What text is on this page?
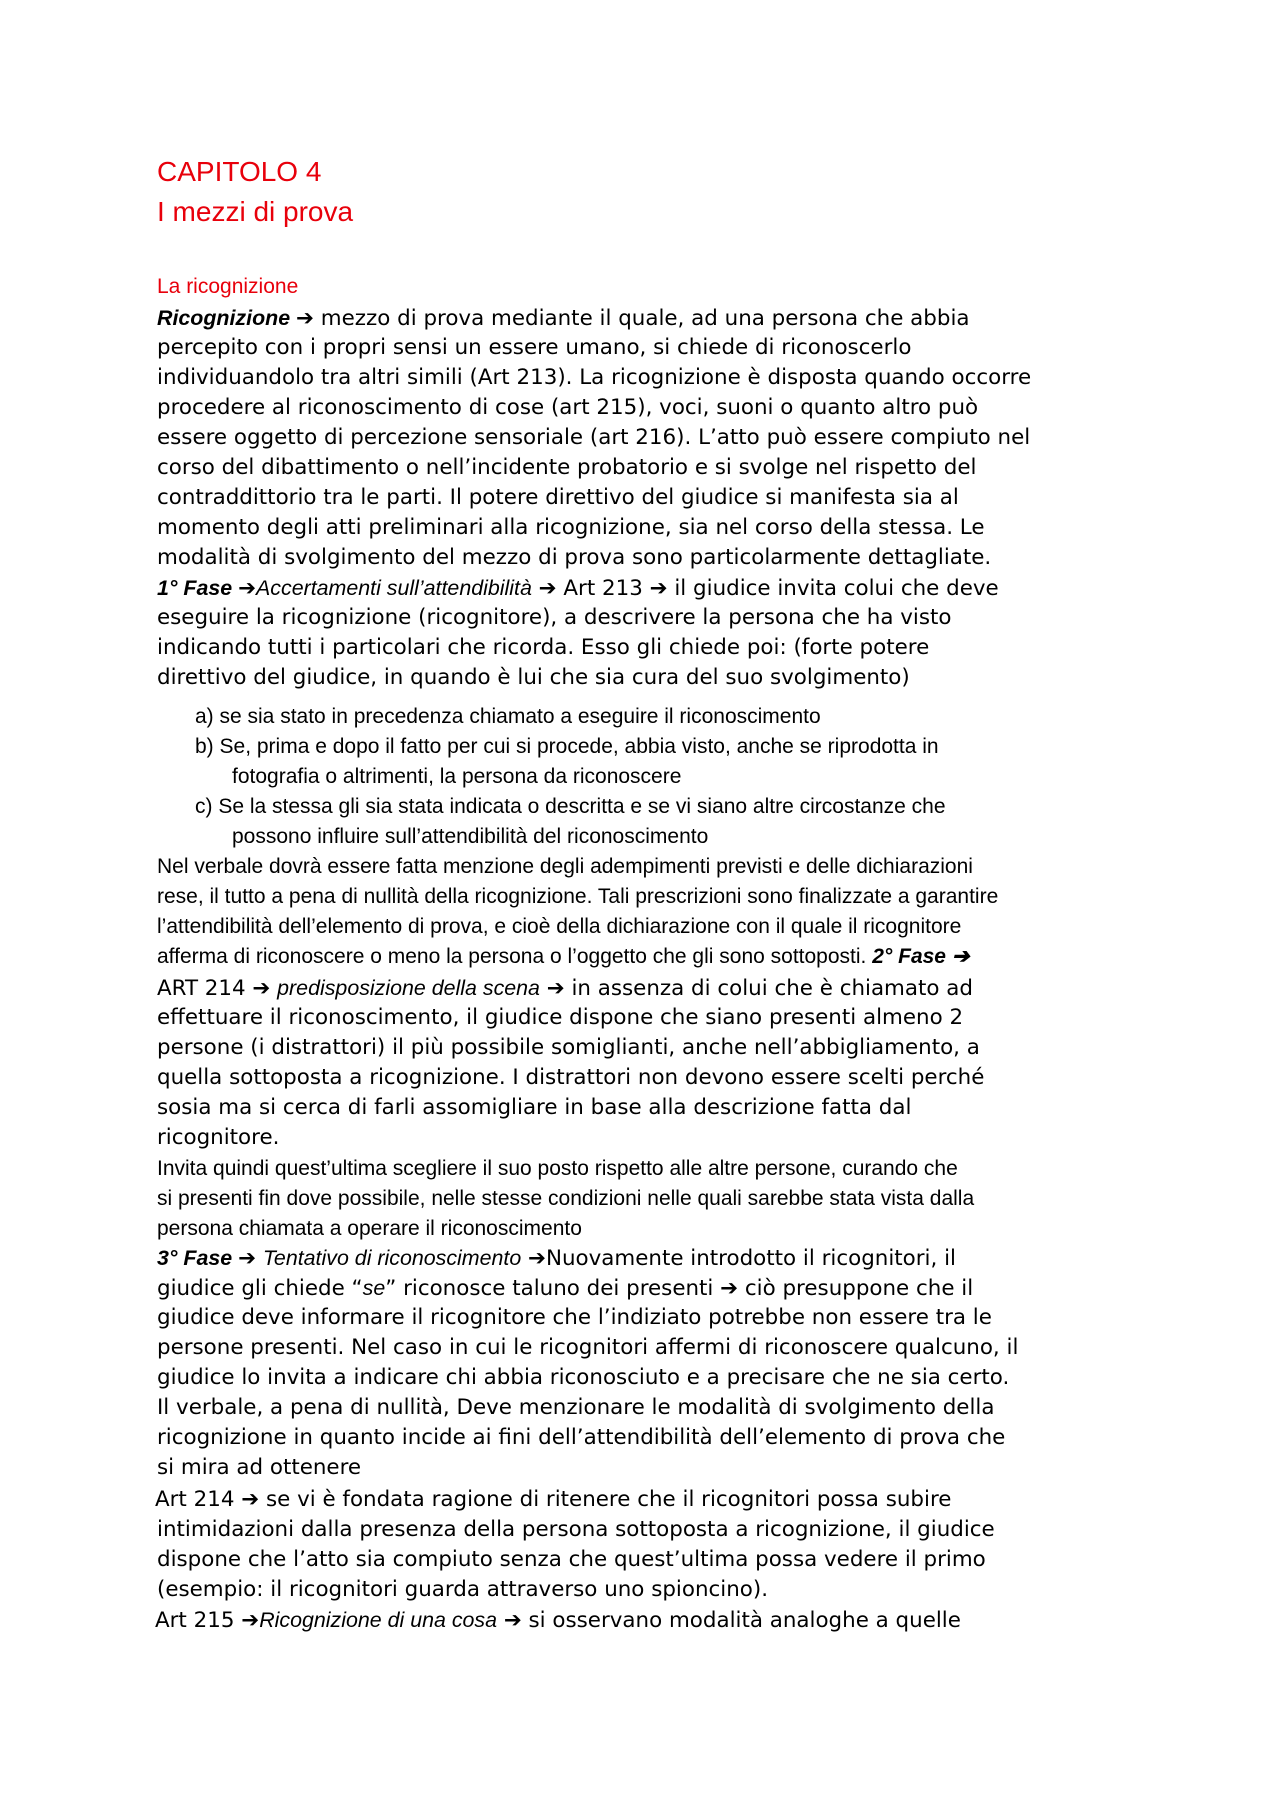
CAPITOLO 4
I mezzi di prova
La ricognizione
Ricognizione ➔ mezzo di prova mediante il quale, ad una persona che abbia
percepito con i propri sensi un essere umano, si chiede di riconoscerlo
individuandolo tra altri simili (Art 213). La ricognizione è disposta quando occorre
procedere al riconoscimento di cose (art 215), voci, suoni o quanto altro può
essere oggetto di percezione sensoriale (art 216). L’atto può essere compiuto nel
corso del dibattimento o nell’incidente probatorio e si svolge nel rispetto del
contraddittorio tra le parti. Il potere direttivo del giudice si manifesta sia al
momento degli atti preliminari alla ricognizione, sia nel corso della stessa. Le
modalità di svolgimento del mezzo di prova sono particolarmente dettagliate.
1° Fase ➔Accertamenti sull’attendibilità ➔ Art 213 ➔ il giudice invita colui che deve
eseguire la ricognizione (ricognitore), a descrivere la persona che ha visto
indicando tutti i particolari che ricorda. Esso gli chiede poi: (forte potere
direttivo del giudice, in quando è lui che sia cura del suo svolgimento)
a) se sia stato in precedenza chiamato a eseguire il riconoscimento
b) Se, prima e dopo il fatto per cui si procede, abbia visto, anche se riprodotta in
fotografia o altrimenti, la persona da riconoscere
c) Se la stessa gli sia stata indicata o descritta e se vi siano altre circostanze che
possono influire sull’attendibilità del riconoscimento
Nel verbale dovrà essere fatta menzione degli adempimenti previsti e delle dichiarazioni
rese, il tutto a pena di nullità della ricognizione. Tali prescrizioni sono finalizzate a garantire
l’attendibilità dell’elemento di prova, e cioè della dichiarazione con il quale il ricognitore
afferma di riconoscere o meno la persona o l’oggetto che gli sono sottoposti. 2° Fase ➔
ART 214 ➔ predisposizione della scena ➔ in assenza di colui che è chiamato ad
effettuare il riconoscimento, il giudice dispone che siano presenti almeno 2
persone (i distrattori) il più possibile somiglianti, anche nell’abbigliamento, a
quella sottoposta a ricognizione. I distrattori non devono essere scelti perché
sosia ma si cerca di farli assomigliare in base alla descrizione fatta dal
ricognitore.
Invita quindi quest’ultima scegliere il suo posto rispetto alle altre persone, curando che
si presenti fin dove possibile, nelle stesse condizioni nelle quali sarebbe stata vista dalla
persona chiamata a operare il riconoscimento
3° Fase ➔ Tentativo di riconoscimento ➔Nuovamente introdotto il ricognitori, il
giudice gli chiede “se” riconosce taluno dei presenti ➔ ciò presuppone che il
giudice deve informare il ricognitore che l’indiziato potrebbe non essere tra le
persone presenti. Nel caso in cui le ricognitori affermi di riconoscere qualcuno, il
giudice lo invita a indicare chi abbia riconosciuto e a precisare che ne sia certo.
Il verbale, a pena di nullità, Deve menzionare le modalità di svolgimento della
ricognizione in quanto incide ai fini dell’attendibilità dell’elemento di prova che
si mira ad ottenere
Art 214 ➔ se vi è fondata ragione di ritenere che il ricognitori possa subire
intimidazioni dalla presenza della persona sottoposta a ricognizione, il giudice
dispone che l’atto sia compiuto senza che quest’ultima possa vedere il primo
(esempio: il ricognitori guarda attraverso uno spioncino).
Art 215 ➔Ricognizione di una cosa ➔ si osservano modalità analoghe a quelle
